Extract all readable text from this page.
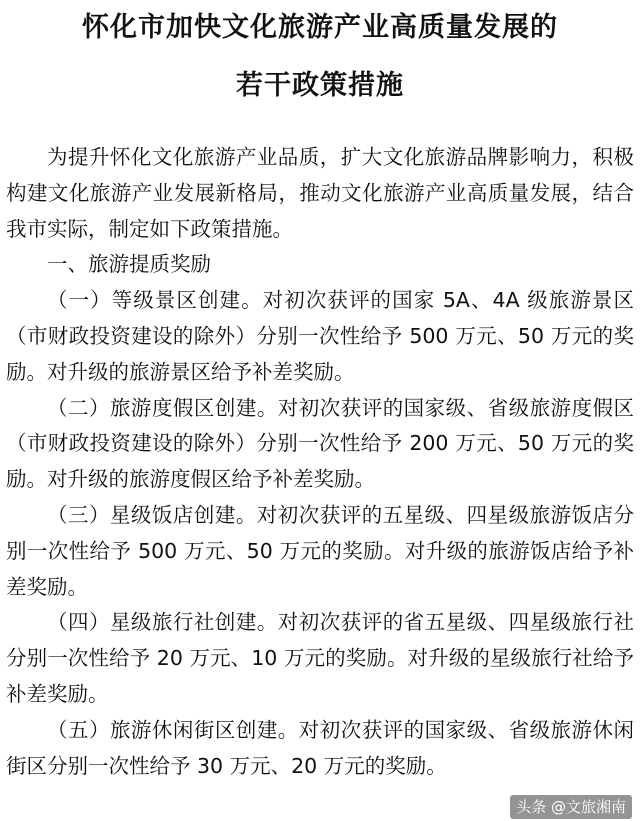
怀化市加快文化旅游产业高质量发展的
若干政策措施

为提升怀化文化旅游产业品质，扩大文化旅游品牌影响力，积极构建文化旅游产业发展新格局，推动文化旅游产业高质量发展，结合我市实际，制定如下政策措施。

一、旅游提质奖励

（一）等级景区创建。对初次获评的国家 5A、4A 级旅游景区（市财政投资建设的除外）分别一次性给予 500 万元、50 万元的奖励。对升级的旅游景区给予补差奖励。

（二）旅游度假区创建。对初次获评的国家级、省级旅游度假区（市财政投资建设的除外）分别一次性给予 200 万元、50 万元的奖励。对升级的旅游度假区给予补差奖励。

（三）星级饭店创建。对初次获评的五星级、四星级旅游饭店分别一次性给予 500 万元、50 万元的奖励。对升级的旅游饭店给予补差奖励。

（四）星级旅行社创建。对初次获评的省五星级、四星级旅行社分别一次性给予 20 万元、10 万元的奖励。对升级的星级旅行社给予补差奖励。

（五）旅游休闲街区创建。对初次获评的国家级、省级旅游休闲街区分别一次性给予 30 万元、20 万元的奖励。

头条 @文旅湘南
